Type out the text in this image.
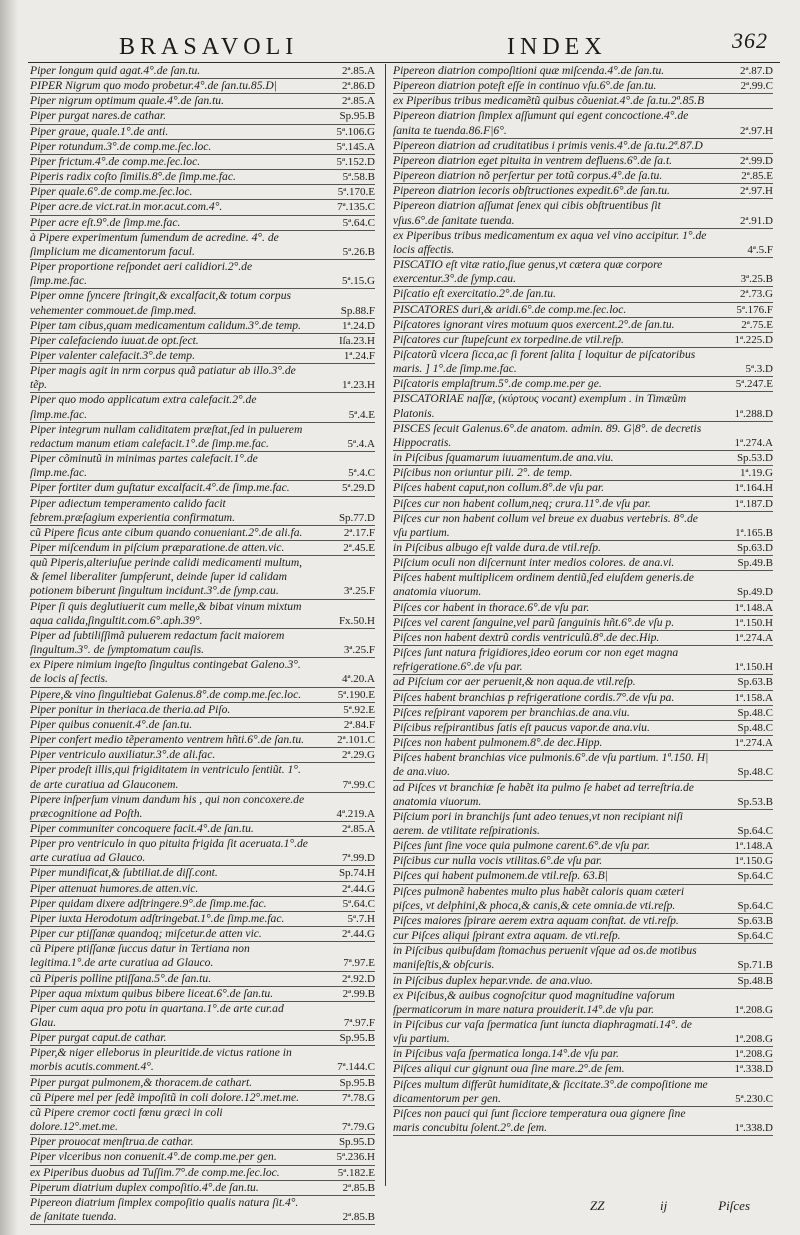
BRASAVOLI	INDEX	362
Piper longum quid agat.4°.de ſan.tu.	2ª.85.A
PIPER Nigrum quo modo probetur.4°.de ſan.tu.85.D|	2ª.86.D
Piper nigrum optimum quale.4°.de ſan.tu.	2ª.85.A
Piper purgat nares.de cathar.	Sp.95.B
Piper graue, quale.1°.de anti.	5ª.106.G
Piper rotundum.3°.de comp.me.ſec.loc.	5ª.145.A
Piper frictum.4°.de comp.me.ſec.loc.	5ª.152.D
Piperis radix coſto ſimilis.8°.de ſimp.me.fac.	5ª.58.B
Piper quale.6°.de comp.me.ſec.loc.	5ª.170.E
Piper acre.de vict.rat.in mor.acut.com.4°.	7ª.135.C
Piper acre eſt.9°.de ſimp.me.fac.	5ª.64.C
à Pipere experimentum ſumendum de acredine. 4°. de ſimplicium me dicamentorum facul.	5ª.26.B
Piper proportione reſpondet aeri calidiori.2°.de ſimp.me.fac.	5ª.15.G
Piper omne ſyncere ſtringit,& excalfacit,& totum corpus vehementer commouet.de ſimp.med.	Sp.88.F
Piper tam cibus,quam medicamentum calidum.3°.de temp.	1ª.24.D
Piper calefaciendo iuuat.de opt.ſect.	Iſa.23.H
Piper valenter calefacit.3°.de temp.	1ª.24.F
Piper magis agit in nrm corpus quã patiatur ab illo.3°.de tẽp.	1ª.23.H
Piper quo modo applicatum extra calefacit.2°.de ſimp.me.fac.	5ª.4.E
Piper integrum nullam caliditatem præſtat,ſed in puluerem redactum manum etiam calefacit.1°.de ſimp.me.fac.	5ª.4.A
Piper cõminutũ in minimas partes calefacit.1°.de ſimp.me.fac.	5ª.4.C
Piper fortiter dum guſtatur excalfacit.4°.de ſimp.me.fac.	5ª.29.D
Piper adiectum temperamento calido facit febrem.præſagium experientia confirmatum.	Sp.77.D
cũ Pipere ficus ante cibum quando conueniant.2°.de ali.fa.	2ª.17.F
Piper miſcendum in piſcium præparatione.de atten.vic.	2ª.45.E
quũ Piperis,alteriuſue perinde calidi medicamenti multum, & ſemel liberaliter ſumpſerunt, deinde ſuper id calidam potionem biberunt ſingultum incidunt.3°.de ſymp.cau.	3ª.25.F
Piper ſi quis deglutiuerit cum melle,& bibat vinum mixtum aqua calida,ſingultit.com.6°.aph.39°.	Fx.50.H
Piper ad ſubtiliſſimã puluerem redactum facit maiorem ſingultum.3°. de ſymptomatum cauſis.	3ª.25.F
ex Pipere nimium ingeſto ſingultus contingebat Galeno.3°. de locis aſ fectis.	4ª.20.A
Pipere,& vino ſingultiebat Galenus.8°.de comp.me.ſec.loc.	5ª.190.E
Piper ponitur in theriaca.de theria.ad Piſo.	5ª.92.E
Piper quibus conuenit.4°.de ſan.tu.	2ª.84.F
Piper confert medio tẽperamento ventrem hñti.6°.de ſan.tu.	2ª.101.C
Piper ventriculo auxiliatur.3°.de ali.fac.	2ª.29.G
Piper prodeſt illis,qui frigiditatem in ventriculo ſentiũt. 1°. de arte curatiua ad Glauconem.	7ª.99.C
Pipere inſperſum vinum dandum his , qui non concoxere.de præcognitione ad Poſth.	4ª.219.A
Piper communiter concoquere facit.4°.de ſan.tu.	2ª.85.A
Piper pro ventriculo in quo pituita frigida ſit aceruata.1°.de arte curatiua ad Glauco.	7ª.99.D
Piper mundificat,& ſubtiliat.de diſſ.cont.	Sp.74.H
Piper attenuat humores.de atten.vic.	2ª.44.G
Piper quidam dixere adſtringere.9°.de ſimp.me.fac.	5ª.64.C
Piper iuxta Herodotum adſtringebat.1°.de ſimp.me.fac.	5ª.7.H
Piper cur ptiſſanæ quandoq; miſcetur.de atten vic.	2ª.44.G
cũ Pipere ptiſſanæ ſuccus datur in Tertiana non legitima.1°.de arte curatiua ad Glauco.	7ª.97.E
cũ Piperis polline ptiſſana.5°.de ſan.tu.	2ª.92.D
Piper aqua mixtum quibus bibere liceat.6°.de ſan.tu.	2ª.99.B
Piper cum aqua pro potu in quartana.1°.de arte cur.ad Glau.	7ª.97.F
Piper purgat caput.de cathar.	Sp.95.B
Piper,& niger elleborus in pleuritide.de victus ratione in morbis acutis.comment.4°.	7ª.144.C
Piper purgat pulmonem,& thoracem.de cathart.	Sp.95.B
cũ Pipere mel per ſedẽ impoſitũ in coli dolore.12°.met.me.	7ª.78.G
cũ Pipere cremor cocti fœnu græci in coli dolore.12°.met.me.	7ª.79.G
Piper prouocat menſtrua.de cathar.	Sp.95.D
Piper vlceribus non conuenit.4°.de comp.me.per gen.	5ª.236.H
ex Piperibus duobus ad Tuſſim.7°.de comp.me.ſec.loc.	5ª.182.E
Piperum diatrium duplex compoſitio.4°.de ſan.tu.	2ª.85.B
Pipereon diatrium ſimplex compoſitio qualis natura ſit.4°. de ſanitate tuenda.	2ª.85.B
Pipereon diatrion compoſitioni quæ miſcenda.4°.de ſan.tu.	2ª.87.D
Pipereon diatrion poteſt eſſe in continuo vſu.6°.de ſan.tu.	2ª.99.C
ex Piperibus tribus medicamẽtũ quibus cõueniat.4°.de ſa.tu.2ª.85.B
Pipereon diatrion ſimplex aſſumunt qui egent concoctione.4°.de ſanita te tuenda.86.F|6°.	2ª.97.H
Pipereon diatrion ad cruditatibus i primis venis.4°.de ſa.tu.2ª.87.D
Pipereon diatrion eget pituita in ventrem defluens.6°.de ſa.t.	2ª.99.D
Pipereon diatrion nõ perſertur per totũ corpus.4°.de ſa.tu.	2ª.85.E
Pipereon diatrion iecoris obſtructiones expedit.6°.de ſan.tu.	2ª.97.H
Pipereon diatrion aſſumat ſenex qui cibis obſtruentibus ſit vſus.6°.de ſanitate tuenda.	2ª.91.D
ex Piperibus tribus medicamentum ex aqua vel vino accipitur. 1°.de locis affectis.	4ª.5.F
PISCATIO eſt vitæ ratio,ſiue genus,vt cætera quæ corpore exercentur.3°.de ſymp.cau.	3ª.25.B
Piſcatio eſt exercitatio.2°.de ſan.tu.	2ª.73.G
PISCATORES duri,& aridi.6°.de comp.me.ſec.loc.	5ª.176.F
Piſcatores ignorant vires motuum quos exercent.2°.de ſan.tu.	2ª.75.E
Piſcatores cur ſtupeſcunt ex torpedine.de vtil.reſp.	1ª.225.D
Piſcatorũ vlcera ſicca,ac ſi forent ſalita [ loquitur de piſcatoribus maris. ] 1°.de ſimp.me.fac.	5ª.3.D
Piſcatoris emplaſtrum.5°.de comp.me.per ge.	5ª.247.E
PISCATORIAE naſſæ, (κύρτους vocant) exemplum . in Timæũm Platonis.	1ª.288.D
PISCES ſecuit Galenus.6°.de anatom. admin. 89. G|8°. de decretis Hippocratis.	1ª.274.A
in Piſcibus ſquamarum iuuamentum.de ana.viu.	Sp.53.D
Piſcibus non oriuntur pili. 2°. de temp.	1ª.19.G
Piſces habent caput,non collum.8°.de vſu par.	1ª.164.H
Piſces cur non habent collum,neq; crura.11°.de vſu par.	1ª.187.D
Piſces cur non habent collum vel breue ex duabus vertebris. 8°.de vſu partium.	1ª.165.B
in Piſcibus albugo eſt valde dura.de vtil.reſp.	Sp.63.D
Piſcium oculi non diſcernunt inter medios colores. de ana.vi.	Sp.49.B
Piſces habent multiplicem ordinem dentiũ,ſed eiuſdem generis.de anatomia viuorum.	Sp.49.D
Piſces cor habent in thorace.6°.de vſu par.	1ª.148.A
Piſces vel carent ſanguine,vel parũ ſanguinis hñt.6°.de vſu p.	1ª.150.H
Piſces non habent dextrũ cordis ventriculũ.8°.de dec.Hip.	1ª.274.A
Piſces ſunt natura frigidiores,ideo eorum cor non eget magna refrigeratione.6°.de vſu par.	1ª.150.H
ad Piſcium cor aer peruenit,& non aqua.de vtil.reſp.	Sp.63.B
Piſces habent branchias p refrigeratione cordis.7°.de vſu pa.	1ª.158.A
Piſces reſpirant vaporem per branchias.de ana.viu.	Sp.48.C
Piſcibus reſpirantibus ſatis eſt paucus vapor.de ana.viu.	Sp.48.C
Piſces non habent pulmonem.8°.de dec.Hipp.	1ª.274.A
Piſces habent branchias vice pulmonis.6°.de vſu partium. 1ª.150. H| de ana.viuo.	Sp.48.C
ad Piſces vt branchiæ ſe habẽt ita pulmo ſe habet ad terreſtria.de anatomia viuorum.	Sp.53.B
Piſcium pori in branchijs ſunt adeo tenues,vt non recipiant niſi aerem. de vtilitate reſpirationis.	Sp.64.C
Piſces ſunt ſine voce quia pulmone carent.6°.de vſu par.	1ª.148.A
Piſcibus cur nulla vocis vtilitas.6°.de vſu par.	1ª.150.G
Piſces qui habent pulmonem.de vtil.reſp. 63.B|	Sp.64.C
Piſces pulmonẽ habentes multo plus habẽt caloris quam cæteri piſces, vt delphini,& phoca,& canis,& cete omnia.de vti.reſp.	Sp.64.C
Piſces maiores ſpirare aerem extra aquam conſtat. de vti.reſp.	Sp.63.B
cur Piſces aliqui ſpirant extra aquam. de vti.reſp.	Sp.64.C
in Piſcibus quibuſdam ſtomachus peruenit vſque ad os.de motibus maniſeſtis,& obſcuris.	Sp.71.B
in Piſcibus duplex hepar.vnde. de ana.viuo.	Sp.48.B
ex Piſcibus,& auibus cognoſcitur quod magnitudine vaſorum ſpermaticorum in mare natura prouiderit.14°.de vſu par.	1ª.208.G
in Piſcibus cur vaſa ſpermatica ſunt iuncta diaphragmati.14°. de vſu partium.	1ª.208.G
in Piſcibus vaſa ſpermatica longa.14°.de vſu par.	1ª.208.G
Piſces aliqui cur gignunt oua ſine mare.2°.de ſem.	1ª.338.D
Piſces multum differũt humiditate,& ſiccitate.3°.de compoſitione me dicamentorum per gen.	5ª.230.C
Piſces non pauci qui ſunt ſicciore temperatura oua gignere ſine maris concubitu ſolent.2°.de ſem.	1ª.338.D
ZZ	ij	Piſces
